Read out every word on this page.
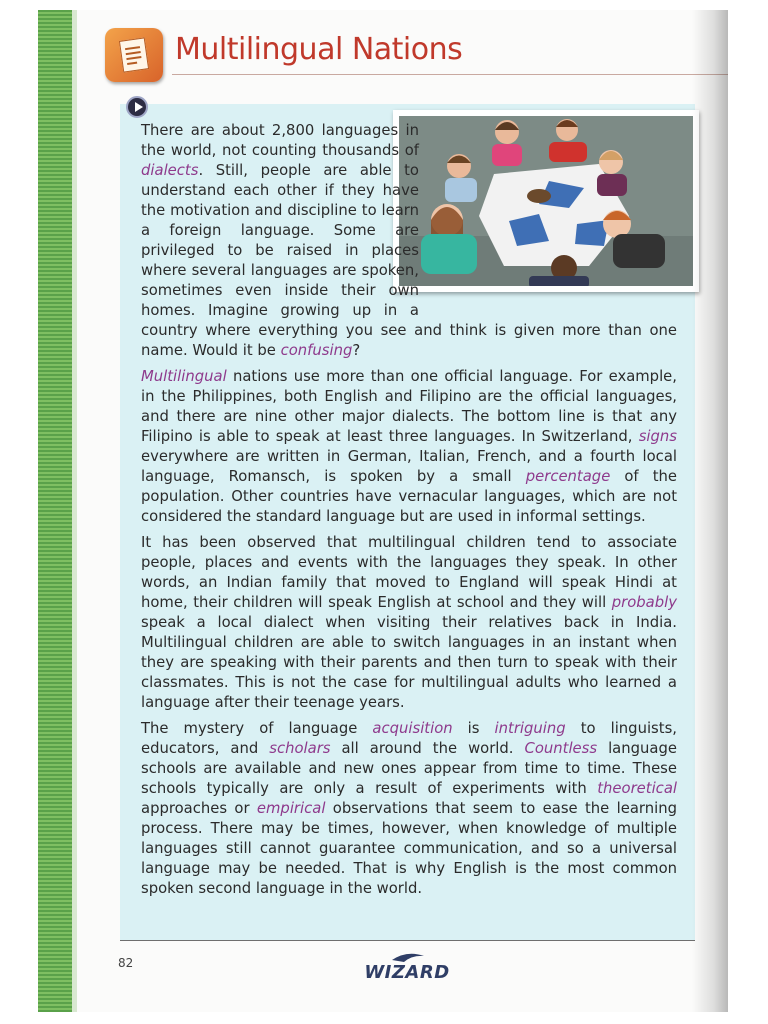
Multilingual Nations

There are about 2,800 languages in the world, not counting thousands of dialects. Still, people are able to understand each other if they have the motivation and discipline to learn a foreign language. Some are privileged to be raised in places where several languages are spoken, sometimes even inside their own homes. Imagine growing up in a country where everything you see and think is given more than one name. Would it be confusing?

Multilingual nations use more than one official language. For example, in the Philippines, both English and Filipino are the official languages, and there are nine other major dialects. The bottom line is that any Filipino is able to speak at least three languages. In Switzerland, signs everywhere are written in German, Italian, French, and a fourth local language, Romansch, is spoken by a small percentage of the population. Other countries have vernacular languages, which are not considered the standard language but are used in informal settings.

It has been observed that multilingual children tend to associate people, places and events with the languages they speak. In other words, an Indian family that moved to England will speak Hindi at home, their children will speak English at school and they will probably speak a local dialect when visiting their relatives back in India. Multilingual children are able to switch languages in an instant when they are speaking with their parents and then turn to speak with their classmates. This is not the case for multilingual adults who learned a language after their teenage years.

The mystery of language acquisition is intriguing to linguists, educators, and scholars all around the world. Countless language schools are available and new ones appear from time to time. These schools typically are only a result of experiments with theoretical approaches or empirical observations that seem to ease the learning process. There may be times, however, when knowledge of multiple languages still cannot guarantee communication, and so a universal language may be needed. That is why English is the most common spoken second language in the world.

82	WIZARD
